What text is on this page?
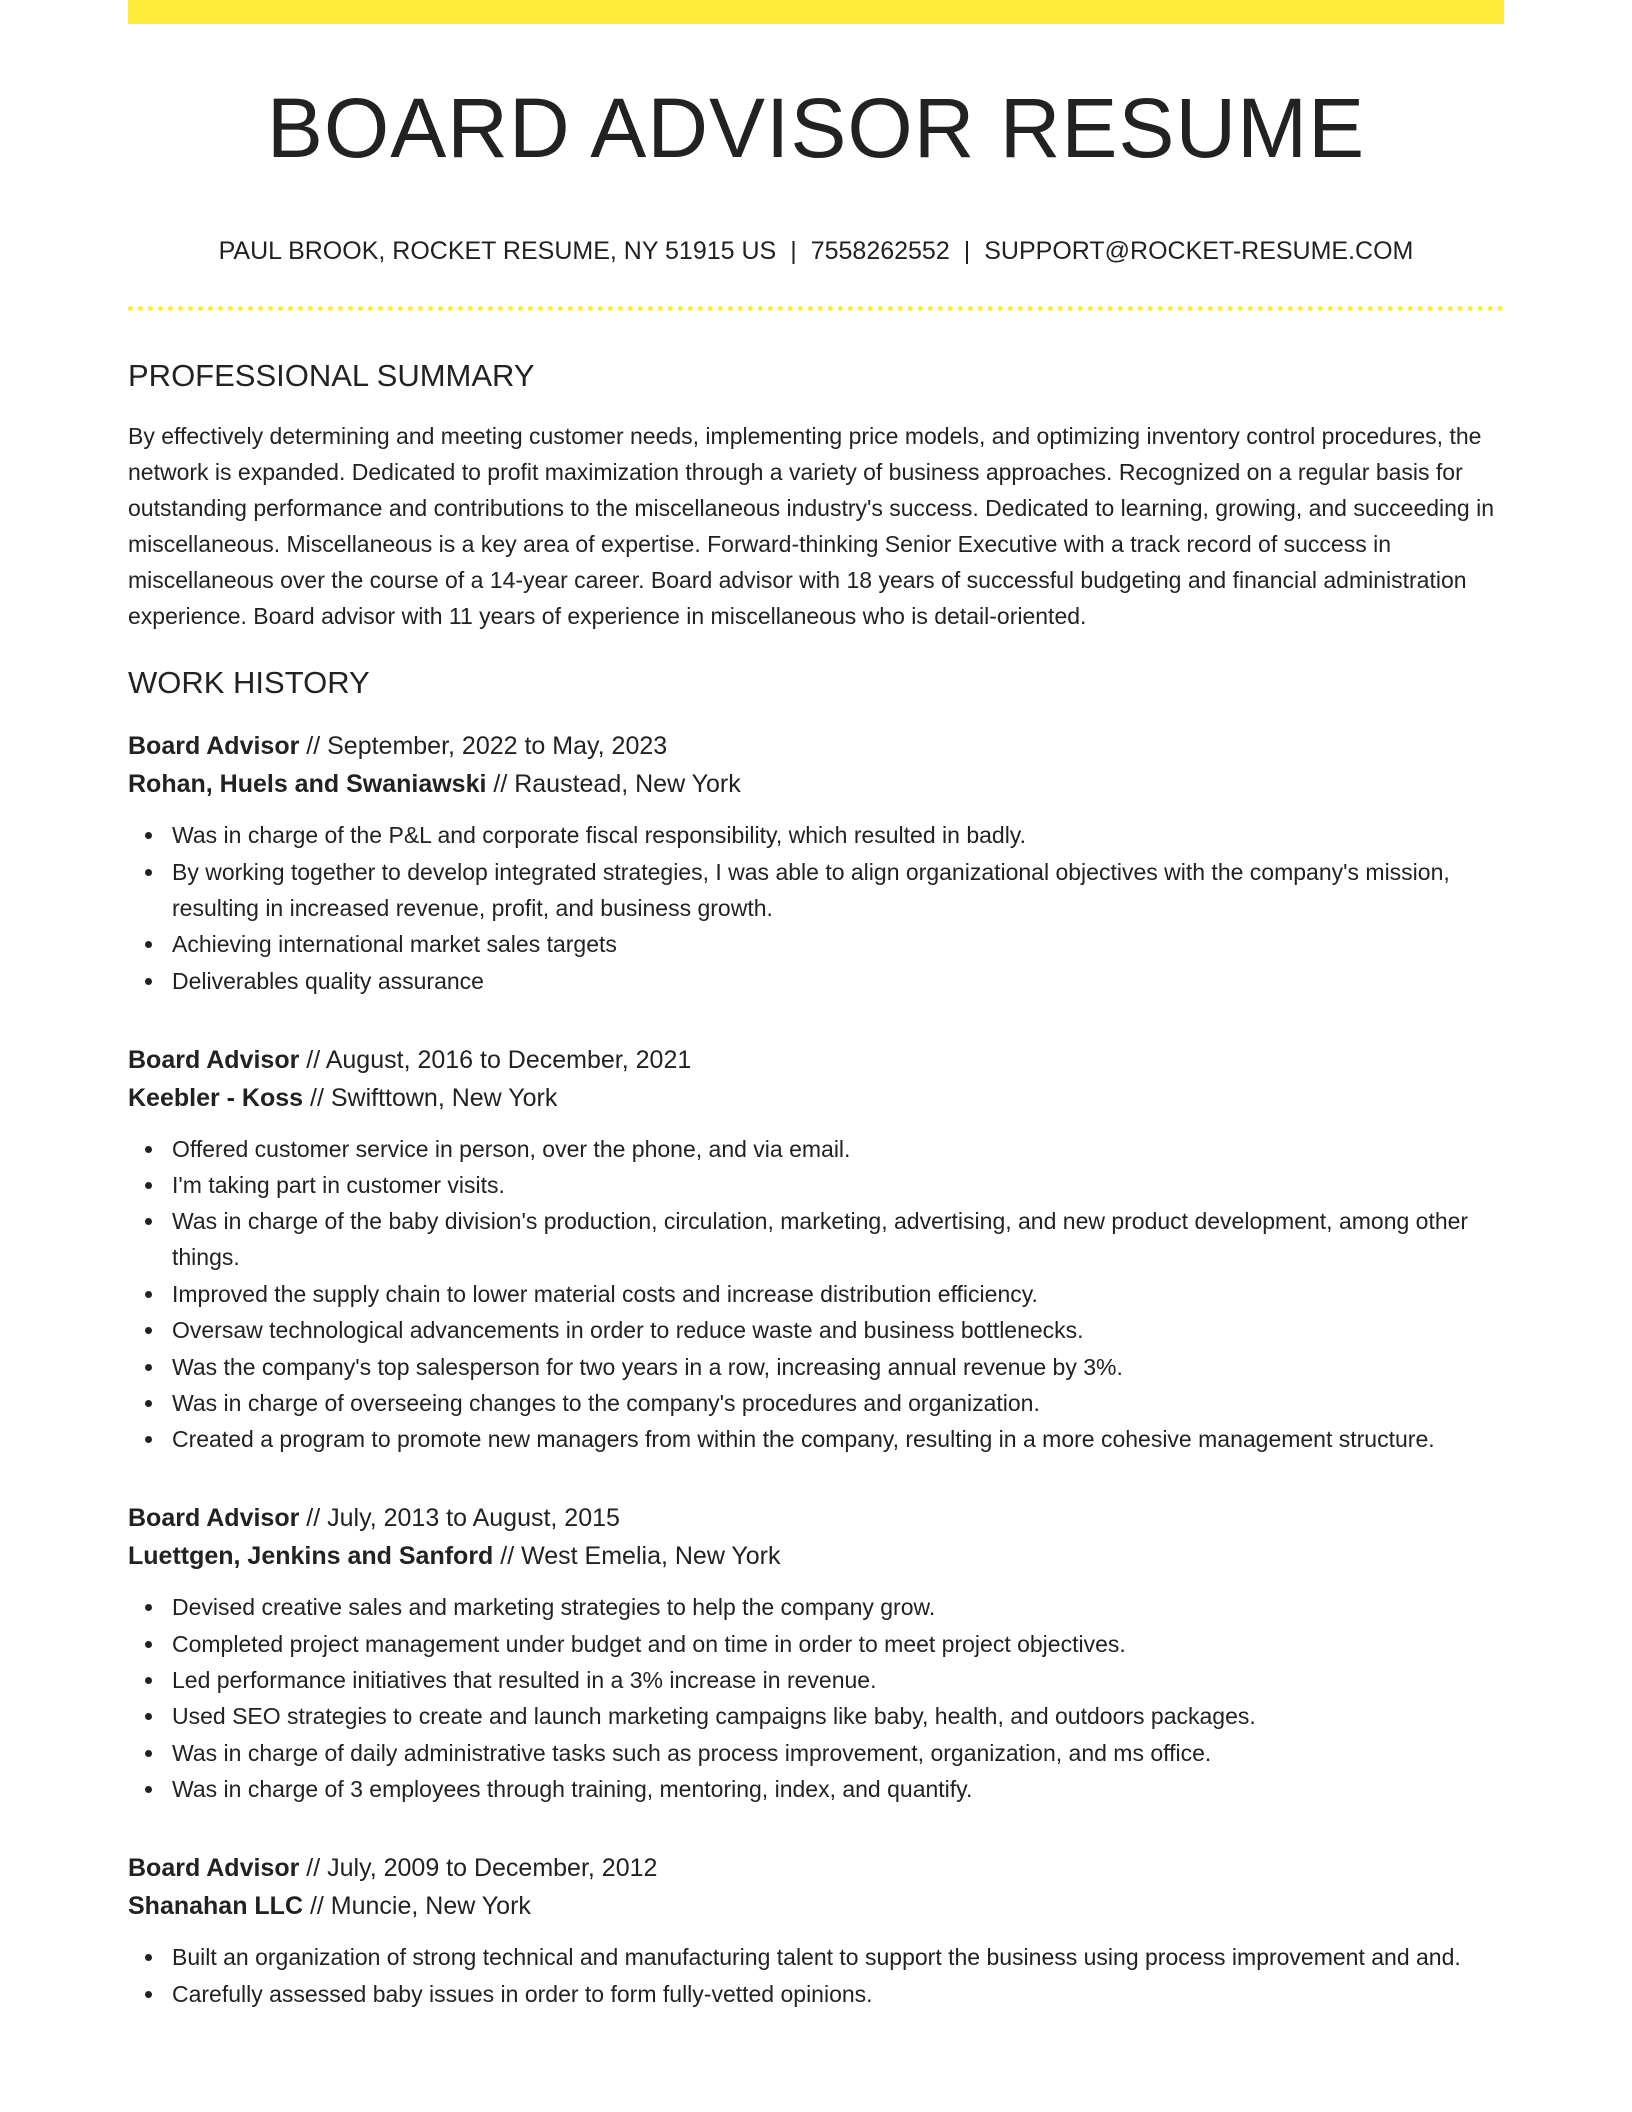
BOARD ADVISOR RESUME
PAUL BROOK, ROCKET RESUME, NY 51915 US | 7558262552 | SUPPORT@ROCKET-RESUME.COM
PROFESSIONAL SUMMARY

By effectively determining and meeting customer needs, implementing price models, and optimizing inventory control procedures, the network is expanded. Dedicated to profit maximization through a variety of business approaches. Recognized on a regular basis for outstanding performance and contributions to the miscellaneous industry's success. Dedicated to learning, growing, and succeeding in miscellaneous. Miscellaneous is a key area of expertise. Forward-thinking Senior Executive with a track record of success in miscellaneous over the course of a 14-year career. Board advisor with 18 years of successful budgeting and financial administration experience. Board advisor with 11 years of experience in miscellaneous who is detail-oriented.

WORK HISTORY
Board Advisor // September, 2022 to May, 2023
Rohan, Huels and Swaniawski // Raustead, New York
Was in charge of the P&L and corporate fiscal responsibility, which resulted in badly.
By working together to develop integrated strategies, I was able to align organizational objectives with the company's mission, resulting in increased revenue, profit, and business growth.
Achieving international market sales targets
Deliverables quality assurance
Board Advisor // August, 2016 to December, 2021
Keebler - Koss // Swifttown, New York
Offered customer service in person, over the phone, and via email.
I'm taking part in customer visits.
Was in charge of the baby division's production, circulation, marketing, advertising, and new product development, among other things.
Improved the supply chain to lower material costs and increase distribution efficiency.
Oversaw technological advancements in order to reduce waste and business bottlenecks.
Was the company's top salesperson for two years in a row, increasing annual revenue by 3%.
Was in charge of overseeing changes to the company's procedures and organization.
Created a program to promote new managers from within the company, resulting in a more cohesive management structure.
Board Advisor // July, 2013 to August, 2015
Luettgen, Jenkins and Sanford // West Emelia, New York
Devised creative sales and marketing strategies to help the company grow.
Completed project management under budget and on time in order to meet project objectives.
Led performance initiatives that resulted in a 3% increase in revenue.
Used SEO strategies to create and launch marketing campaigns like baby, health, and outdoors packages.
Was in charge of daily administrative tasks such as process improvement, organization, and ms office.
Was in charge of 3 employees through training, mentoring, index, and quantify.
Board Advisor // July, 2009 to December, 2012
Shanahan LLC // Muncie, New York
Built an organization of strong technical and manufacturing talent to support the business using process improvement and and.
Carefully assessed baby issues in order to form fully-vetted opinions.
